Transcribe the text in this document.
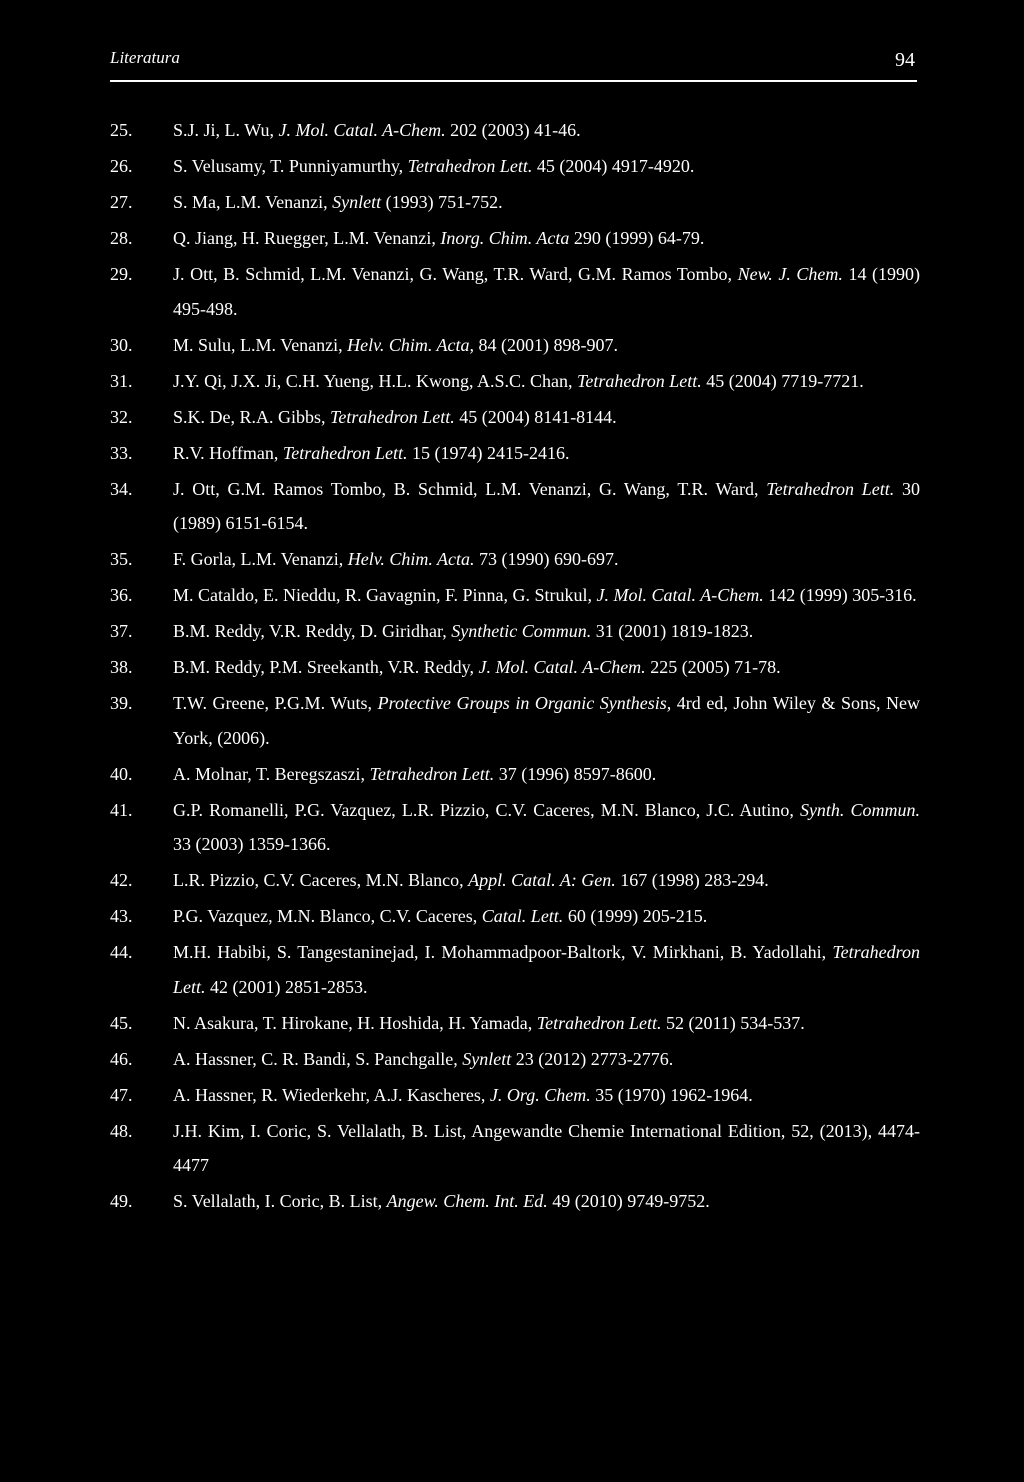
Literatura	94
25. S.J. Ji, L. Wu, J. Mol. Catal. A-Chem. 202 (2003) 41-46.
26. S. Velusamy, T. Punniyamurthy, Tetrahedron Lett. 45 (2004) 4917-4920.
27. S. Ma, L.M. Venanzi, Synlett (1993) 751-752.
28. Q. Jiang, H. Ruegger, L.M. Venanzi, Inorg. Chim. Acta 290 (1999) 64-79.
29. J. Ott, B. Schmid, L.M. Venanzi, G. Wang, T.R. Ward, G.M. Ramos Tombo, New. J. Chem. 14 (1990) 495-498.
30. M. Sulu, L.M. Venanzi, Helv. Chim. Acta, 84 (2001) 898-907.
31. J.Y. Qi, J.X. Ji, C.H. Yueng, H.L. Kwong, A.S.C. Chan, Tetrahedron Lett. 45 (2004) 7719-7721.
32. S.K. De, R.A. Gibbs, Tetrahedron Lett. 45 (2004) 8141-8144.
33. R.V. Hoffman, Tetrahedron Lett. 15 (1974) 2415-2416.
34. J. Ott, G.M. Ramos Tombo, B. Schmid, L.M. Venanzi, G. Wang, T.R. Ward, Tetrahedron Lett. 30 (1989) 6151-6154.
35. F. Gorla, L.M. Venanzi, Helv. Chim. Acta. 73 (1990) 690-697.
36. M. Cataldo, E. Nieddu, R. Gavagnin, F. Pinna, G. Strukul, J. Mol. Catal. A-Chem. 142 (1999) 305-316.
37. B.M. Reddy, V.R. Reddy, D. Giridhar, Synthetic Commun. 31 (2001) 1819-1823.
38. B.M. Reddy, P.M. Sreekanth, V.R. Reddy, J. Mol. Catal. A-Chem. 225 (2005) 71-78.
39. T.W. Greene, P.G.M. Wuts, Protective Groups in Organic Synthesis, 4rd ed, John Wiley & Sons, New York, (2006).
40. A. Molnar, T. Beregszaszi, Tetrahedron Lett. 37 (1996) 8597-8600.
41. G.P. Romanelli, P.G. Vazquez, L.R. Pizzio, C.V. Caceres, M.N. Blanco, J.C. Autino, Synth. Commun. 33 (2003) 1359-1366.
42. L.R. Pizzio, C.V. Caceres, M.N. Blanco, Appl. Catal. A: Gen. 167 (1998) 283-294.
43. P.G. Vazquez, M.N. Blanco, C.V. Caceres, Catal. Lett. 60 (1999) 205-215.
44. M.H. Habibi, S. Tangestaninejad, I. Mohammadpoor-Baltork, V. Mirkhani, B. Yadollahi, Tetrahedron Lett. 42 (2001) 2851-2853.
45. N. Asakura, T. Hirokane, H. Hoshida, H. Yamada, Tetrahedron Lett. 52 (2011) 534-537.
46. A. Hassner, C. R. Bandi, S. Panchgalle, Synlett 23 (2012) 2773-2776.
47. A. Hassner, R. Wiederkehr, A.J. Kascheres, J. Org. Chem. 35 (1970) 1962-1964.
48. J.H. Kim, I. Coric, S. Vellalath, B. List, Angewandte Chemie International Edition, 52, (2013), 4474-4477
49. S. Vellalath, I. Coric, B. List, Angew. Chem. Int. Ed. 49 (2010) 9749-9752.
